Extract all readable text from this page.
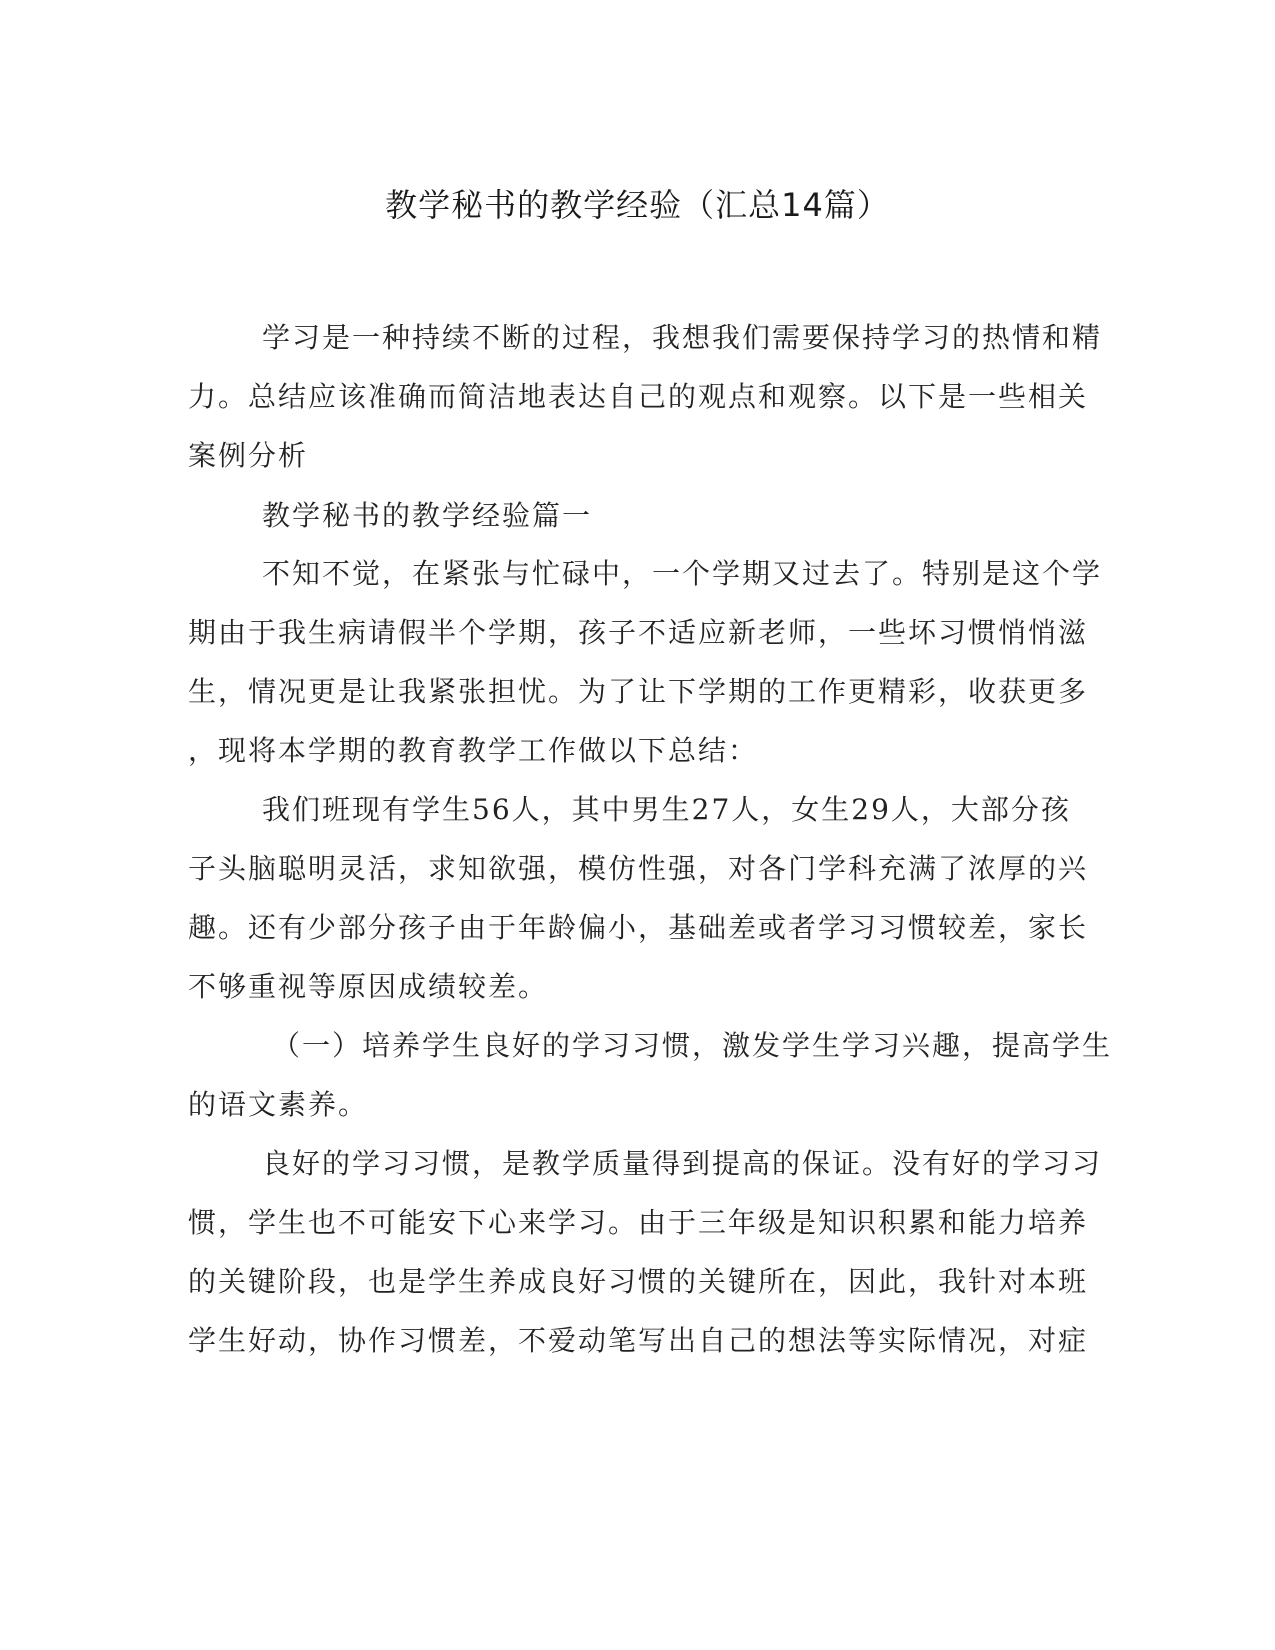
教学秘书的教学经验（汇总14篇）

学习是一种持续不断的过程，我想我们需要保持学习的热情和精

力。总结应该准确而简洁地表达自己的观点和观察。以下是一些相关

案例分析

教学秘书的教学经验篇一

不知不觉，在紧张与忙碌中，一个学期又过去了。特别是这个学

期由于我生病请假半个学期，孩子不适应新老师，一些坏习惯悄悄滋

生，情况更是让我紧张担忧。为了让下学期的工作更精彩，收获更多

，现将本学期的教育教学工作做以下总结：

我们班现有学生56人，其中男生27人，女生29人，大部分孩

子头脑聪明灵活，求知欲强，模仿性强，对各门学科充满了浓厚的兴

趣。还有少部分孩子由于年龄偏小，基础差或者学习习惯较差，家长

不够重视等原因成绩较差。

（一）培养学生良好的学习习惯，激发学生学习兴趣，提高学生

的语文素养。

良好的学习习惯，是教学质量得到提高的保证。没有好的学习习

惯，学生也不可能安下心来学习。由于三年级是知识积累和能力培养

的关键阶段，也是学生养成良好习惯的关键所在，因此，我针对本班

学生好动，协作习惯差，不爱动笔写出自己的想法等实际情况，对症
